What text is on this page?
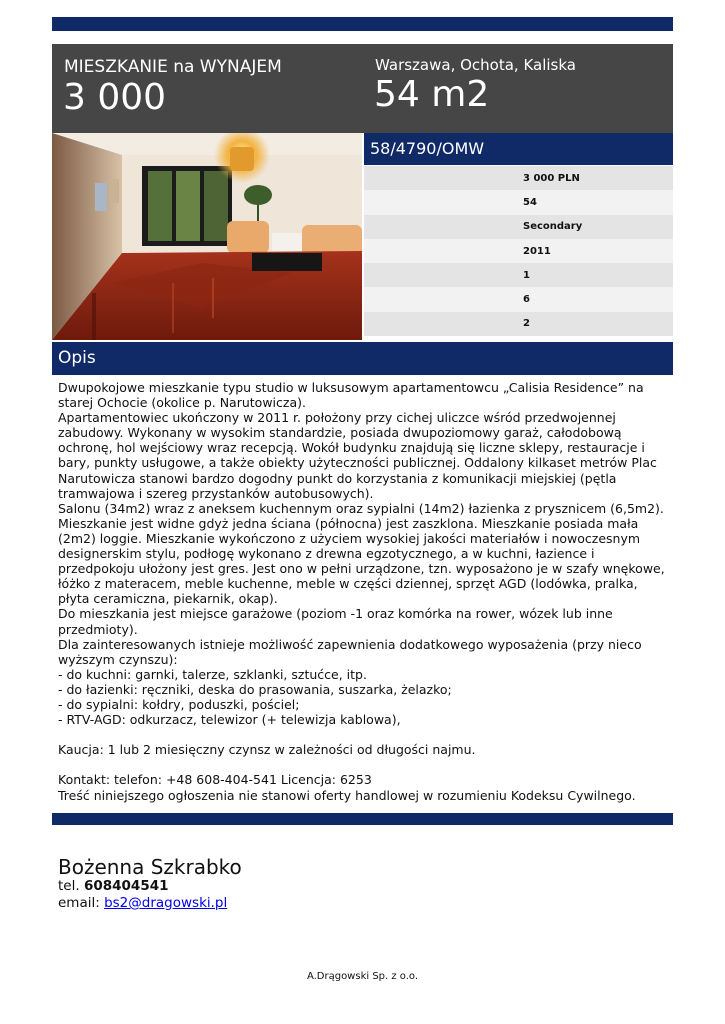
MIESZKANIE na WYNAJEM
3 000
Warszawa, Ochota, Kaliska
54 m2
58/4790/OMW
3 000 PLN
54
Secondary
2011
1
6
2
Opis

Dwupokojowe mieszkanie typu studio w luksusowym apartamentowcu „Calisia Residence” na starej Ochocie (okolice p. Narutowicza).

Apartamentowiec ukończony w 2011 r. położony przy cichej uliczce wśród przedwojennej zabudowy. Wykonany w wysokim standardzie, posiada dwupoziomowy garaż, całodobową ochronę, hol wejściowy wraz recepcją. Wokół budynku znajdują się liczne sklepy, restauracje i bary, punkty usługowe, a także obiekty użyteczności publicznej. Oddalony kilkaset metrów Plac Narutowicza stanowi bardzo dogodny punkt do korzystania z komunikacji miejskiej (pętla tramwajowa i szereg przystanków autobusowych).

Salonu (34m2) wraz z aneksem kuchennym oraz sypialni (14m2) łazienka z prysznicem (6,5m2). Mieszkanie jest widne gdyż jedna ściana (północna) jest zaszklona. Mieszkanie posiada mała (2m2) loggie. Mieszkanie wykończono z użyciem wysokiej jakości materiałów i nowoczesnym designerskim stylu, podłogę wykonano z drewna egzotycznego, a w kuchni, łazience i przedpokoju ułożony jest gres. Jest ono w pełni urządzone, tzn. wyposażono je w szafy wnękowe, łóżko z materacem, meble kuchenne, meble w części dziennej, sprzęt AGD (lodówka, pralka, płyta ceramiczna, piekarnik, okap).

Do mieszkania jest miejsce garażowe (poziom -1 oraz komórka na rower, wózek lub inne przedmioty).

Dla zainteresowanych istnieje możliwość zapewnienia dodatkowego wyposażenia (przy nieco wyższym czynszu):

- do kuchni: garnki, talerze, szklanki, sztućce, itp.

- do łazienki: ręczniki, deska do prasowania, suszarka, żelazko;

- do sypialni: kołdry, poduszki, pościel;

- RTV-AGD: odkurzacz, telewizor (+ telewizja kablowa),

Kaucja: 1 lub 2 miesięczny czynsz w zależności od długości najmu.

Kontakt: telefon: +48 608-404-541 Licencja: 6253

Treść niniejszego ogłoszenia nie stanowi oferty handlowej w rozumieniu Kodeksu Cywilnego.

Bożenna Szkrabko
tel. 608404541
email: bs2@dragowski.pl
A.Drągowski Sp. z o.o.
